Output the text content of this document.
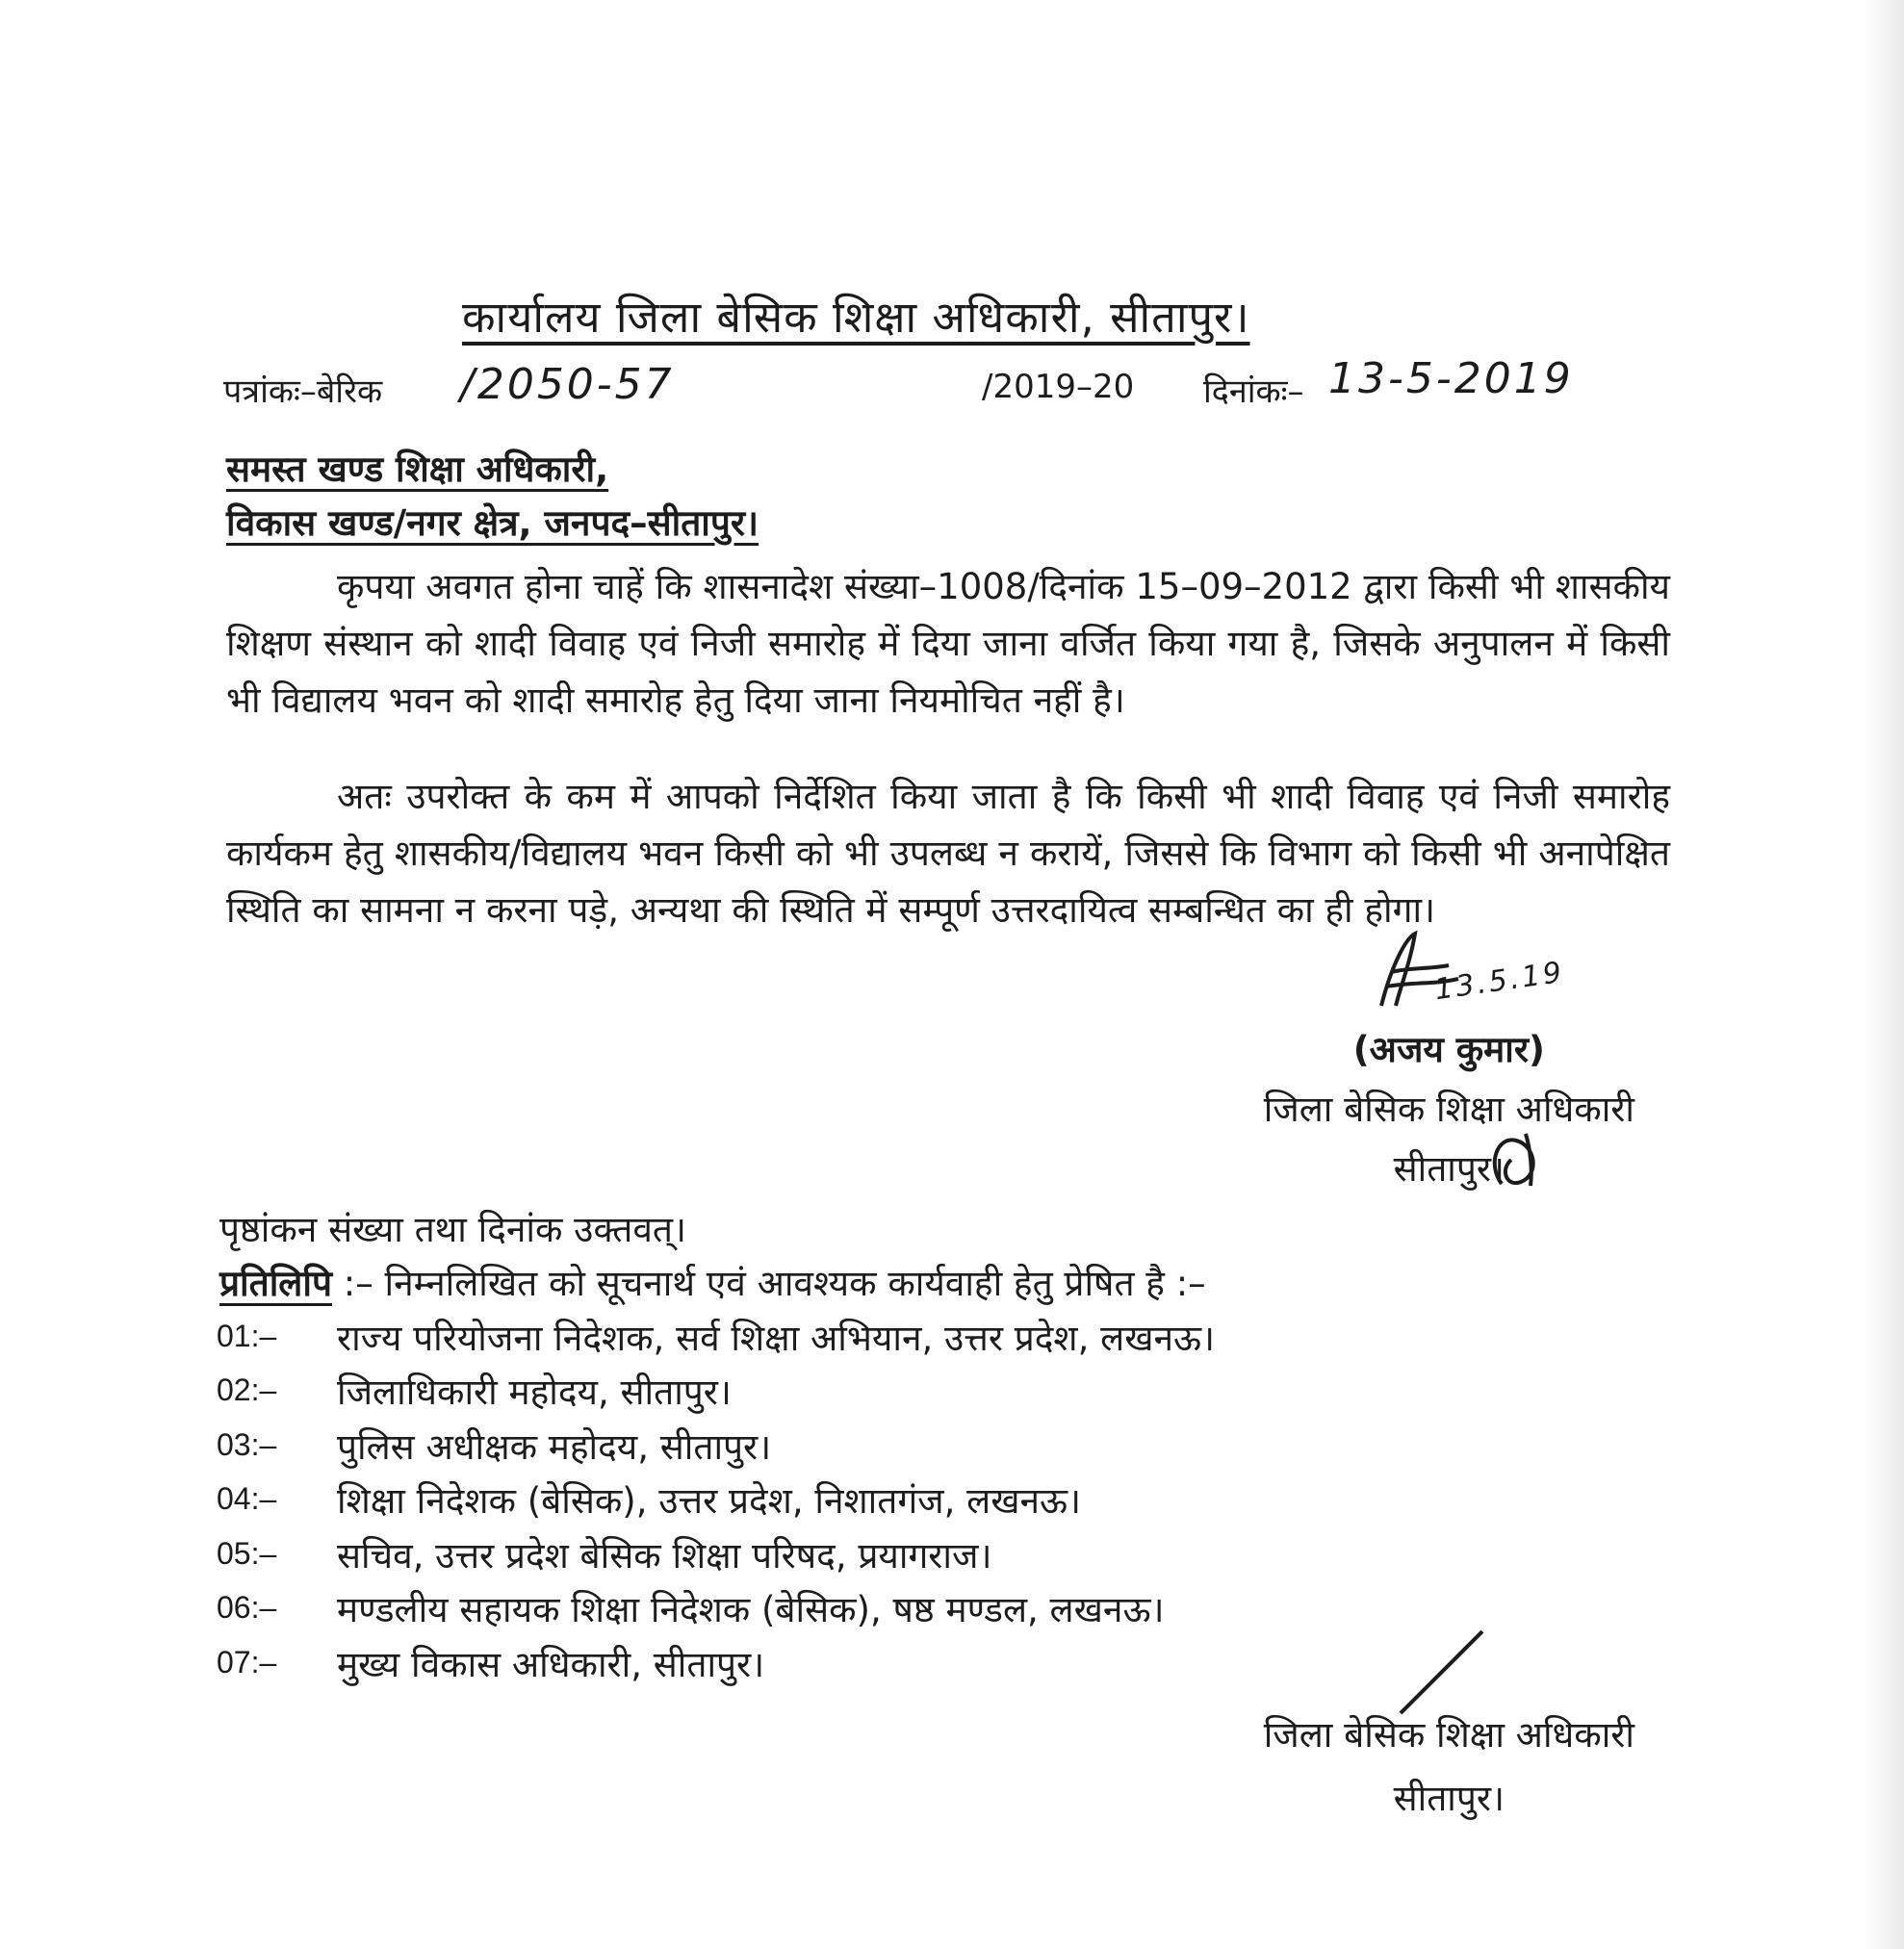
कार्यालय जिला बेसिक शिक्षा अधिकारी, सीतापुर।
पत्रांकः–बेरिक /2050-57	/2019–20 दिनांकः– 13-5-2019
समस्त खण्ड शिक्षा अधिकारी,
विकास खण्ड/नगर क्षेत्र, जनपद–सीतापुर।
कृपया अवगत होना चाहें कि शासनादेश संख्या–1008/दिनांक 15–09–2012 द्वारा किसी भी शासकीय शिक्षण संस्थान को शादी विवाह एवं निजी समारोह में दिया जाना वर्जित किया गया है, जिसके अनुपालन में किसी भी विद्यालय भवन को शादी समारोह हेतु दिया जाना नियमोचित नहीं है।
अतः उपरोक्त के कम में आपको निर्देशित किया जाता है कि किसी भी शादी विवाह एवं निजी समारोह कार्यकम हेतु शासकीय/विद्यालय भवन किसी को भी उपलब्ध न करायें, जिससे कि विभाग को किसी भी अनापेक्षित स्थिति का सामना न करना पड़े, अन्यथा की स्थिति में सम्पूर्ण उत्तरदायित्व सम्बन्धित का ही होगा।
13.5.19
(अजय कुमार)
जिला बेसिक शिक्षा अधिकारी
सीतापुर।
पृष्ठांकन संख्या तथा दिनांक उक्तवत्।
प्रतिलिपि :– निम्नलिखित को सूचनार्थ एवं आवश्यक कार्यवाही हेतु प्रेषित है :–
01:–	राज्य परियोजना निदेशक, सर्व शिक्षा अभियान, उत्तर प्रदेश, लखनऊ।
02:–	जिलाधिकारी महोदय, सीतापुर।
03:–	पुलिस अधीक्षक महोदय, सीतापुर।
04:–	शिक्षा निदेशक (बेसिक), उत्तर प्रदेश, निशातगंज, लखनऊ।
05:–	सचिव, उत्तर प्रदेश बेसिक शिक्षा परिषद, प्रयागराज।
06:–	मण्डलीय सहायक शिक्षा निदेशक (बेसिक), षष्ठ मण्डल, लखनऊ।
07:–	मुख्य विकास अधिकारी, सीतापुर।
जिला बेसिक शिक्षा अधिकारी
सीतापुर।
